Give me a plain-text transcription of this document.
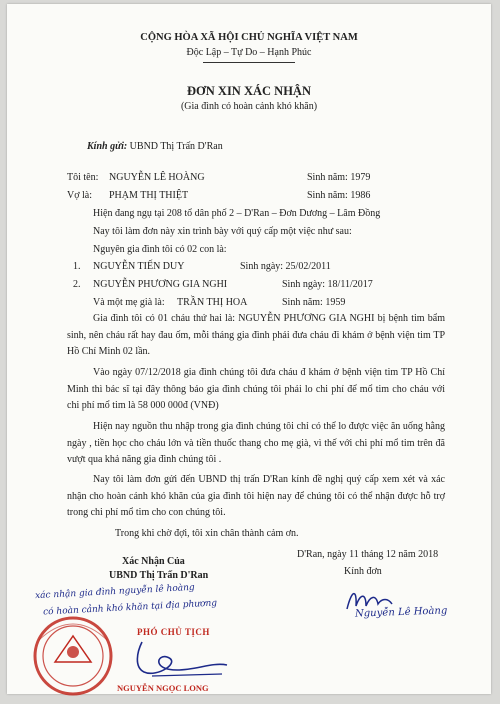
CỘNG HÒA XÃ HỘI CHỦ NGHĨA VIỆT NAM
Độc Lập – Tự Do – Hạnh Phúc
ĐƠN XIN XÁC NHẬN
(Gia đình có hoàn cảnh khó khăn)
Kính gửi: UBND Thị Trấn D'Ran
Tôi tên: NGUYỄN LÊ HOÀNG	Sinh năm: 1979
Vợ là: PHẠM THỊ THIỆT	Sinh năm: 1986
Hiện đang ngụ tại 208 tổ dân phố 2 – D'Ran – Đơn Dương – Lâm Đồng
Nay tôi làm đơn này xin trình bày với quý cấp một việc như sau:
Nguyên gia đình tôi có 02 con là:
1. NGUYỄN TIẾN DUY	Sinh ngày: 25/02/2011
2. NGUYỄN PHƯƠNG GIA NGHI	Sinh ngày: 18/11/2017
Và một mẹ già là: TRẦN THỊ HOA	Sinh năm: 1959
Gia đình tôi có 01 cháu thứ hai là: NGUYỄN PHƯƠNG GIA NGHI bị bệnh tim bẩm sinh, nên cháu rất hay đau ốm, mỗi tháng gia đình phải đưa cháu đi khám ở bệnh viện tim TP Hồ Chí Minh 02 lần.
Vào ngày 07/12/2018 gia đình chúng tôi đưa cháu đ khám ở bệnh viện tim TP Hồ Chí Minh thì bác sĩ tại đây thông báo gia đình chúng tôi phải lo chi phí để mổ tim cho cháu với chi phí mổ tim là 58 000 000đ (VNĐ)
Hiện nay nguồn thu nhập trong gia đình chúng tôi chỉ có thể lo được việc ăn uống hằng ngày , tiền học cho cháu lớn và tiền thuốc thang cho mẹ già, vì thế với chi phí mổ tim trên đã vượt qua khả năng gia đình chúng tôi .
Nay tôi làm đơn gửi đến UBND thị trấn D'Ran kính đề nghị quý cấp xem xét và xác nhận cho hoàn cảnh khó khăn của gia đình tôi hiện nay để chúng tôi có thể nhận được hỗ trợ trong chi phí mổ tim cho con chúng tôi.
Trong khi chờ đợi, tôi xin chân thành cảm ơn.
D'Ran, ngày 11 tháng 12 năm 2018
Kính đơn
Xác Nhận Của
UBND Thị Trấn D'Ran
xác nhận gia đình nguyễn lê hoàng
có hoàn cảnh khó khăn tại địa phương
PHÓ CHỦ TỊCH
NGUYỄN NGỌC LONG
Nguyễn Lê Hoàng
